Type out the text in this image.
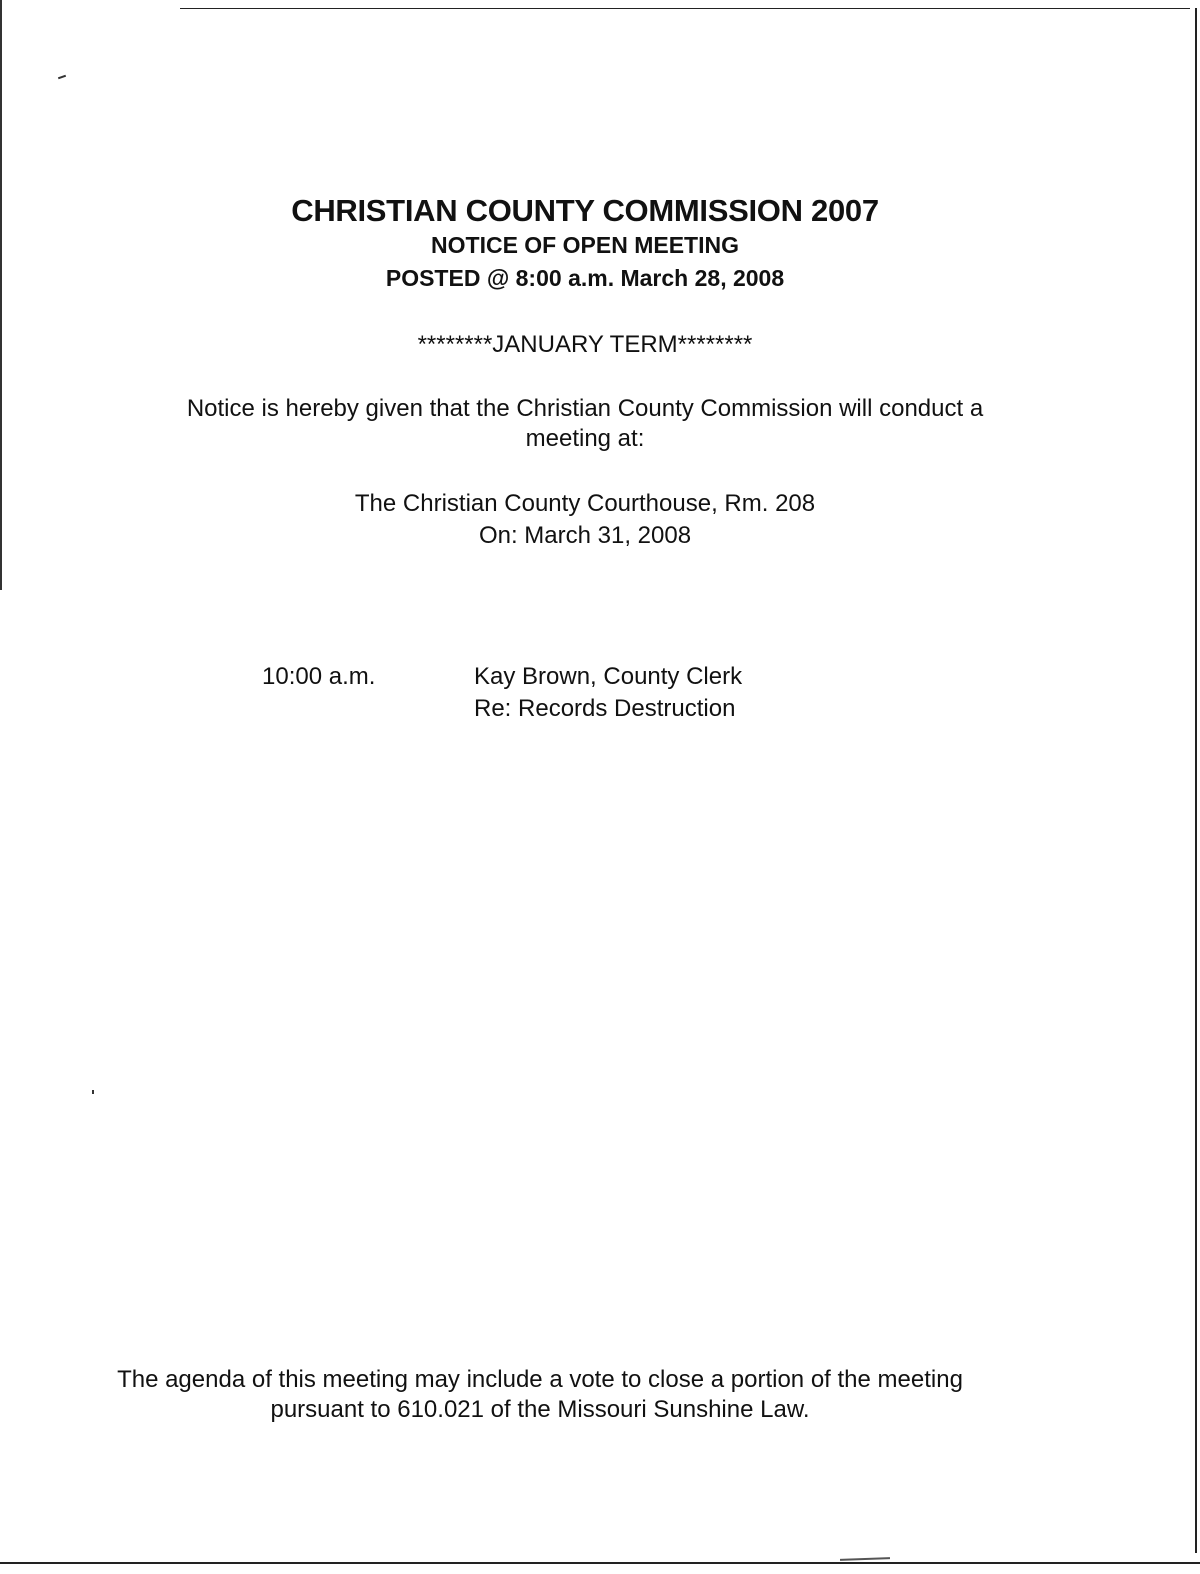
CHRISTIAN COUNTY COMMISSION 2007
NOTICE OF OPEN MEETING
POSTED @ 8:00 a.m. March 28, 2008
********JANUARY TERM********
Notice is hereby given that the Christian County Commission will conduct a
meeting at:
The Christian County Courthouse, Rm. 208
On: March 31, 2008
10:00 a.m.	Kay Brown, County Clerk
Re: Records Destruction
The agenda of this meeting may include a vote to close a portion of the meeting
pursuant to 610.021 of the Missouri Sunshine Law.
